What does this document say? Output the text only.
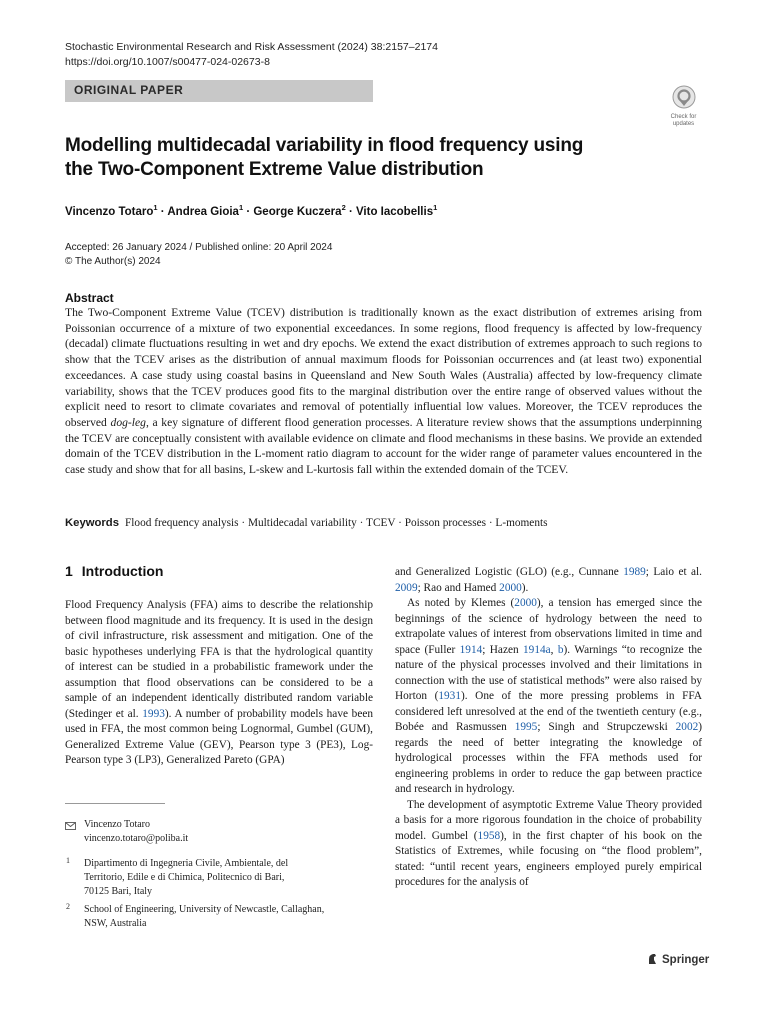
Stochastic Environmental Research and Risk Assessment (2024) 38:2157–2174
https://doi.org/10.1007/s00477-024-02673-8
ORIGINAL PAPER
Check for
updates
Modelling multidecadal variability in flood frequency using
the Two-Component Extreme Value distribution
Vincenzo Totaro$^1$ · Andrea Gioia$^1$ · George Kuczera$^2$ · Vito Iacobellis$^1$
Accepted: 26 January 2024 / Published online: 20 April 2024
© The Author(s) 2024
Abstract
The Two-Component Extreme Value (TCEV) distribution is traditionally known as the exact distribution of extremes arising from Poissonian occurrence of a mixture of two exponential exceedances. In some regions, flood frequency is affected by low-frequency (decadal) climate fluctuations resulting in wet and dry epochs. We extend the exact distribution of extremes approach to such regions to show that the TCEV arises as the distribution of annual maximum floods for Poissonian occurrences and (at least two) exponential exceedances. A case study using coastal basins in Queensland and New South Wales (Australia) affected by low-frequency climate variability, shows that the TCEV produces good fits to the marginal distribution over the entire range of observed values without the explicit need to resort to climate covariates and removal of potentially influential low values. Moreover, the TCEV reproduces the observed dog-leg, a key signature of different flood generation processes. A literature review shows that the assumptions underpinning the TCEV are conceptually consistent with available evidence on climate and flood mechanisms in these basins. We provide an extended domain of the TCEV distribution in the L-moment ratio diagram to account for the wider range of parameter values encountered in the case study and show that for all basins, L-skew and L-kurtosis fall within the extended domain of the TCEV.
Keywords Flood frequency analysis · Multidecadal variability · TCEV · Poisson processes · L-moments
1 Introduction

Flood Frequency Analysis (FFA) aims to describe the relationship between flood magnitude and its frequency. It is used in the design of civil infrastructure, risk assessment and mitigation. One of the basic hypotheses underlying FFA is that the hydrological quantity of interest can be studied in a probabilistic framework under the assumption that flood observations can be considered to be a sample of an independent identically distributed random variable (Stedinger et al. 1993). A number of probability models have been used in FFA, the most common being Lognormal, Gumbel (GUM), Generalized Extreme Value (GEV), Pearson type 3 (PE3), Log-Pearson type 3 (LP3), Generalized Pareto (GPA)

and Generalized Logistic (GLO) (e.g., Cunnane 1989; Laio et al. 2009; Rao and Hamed 2000).

As noted by Klemes (2000), a tension has emerged since the beginnings of the science of hydrology between the need to extrapolate values of interest from observations limited in time and space (Fuller 1914; Hazen 1914a, b). Warnings “to recognize the nature of the physical processes involved and their limitations in connection with the use of statistical methods” were also raised by Horton (1931). One of the more pressing problems in FFA considered left unresolved at the end of the twentieth century (e.g., Bobée and Rasmussen 1995; Singh and Strupczewski 2002) regards the need of better integrating the knowledge of hydrological processes within the FFA methods used for engineering problems in order to reduce the gap between practice and research in hydrology.

The development of asymptotic Extreme Value Theory provided a basis for a more rigorous foundation in the choice of probability model. Gumbel (1958), in the first chapter of his book on the Statistics of Extremes, while focusing on “the flood problem”, stated: “until recent years, engineers employed purely empirical procedures for the analysis of

Vincenzo Totaro
vincenzo.totaro@poliba.it
1 Dipartimento di Ingegneria Civile, Ambientale, del
Territorio, Edile e di Chimica, Politecnico di Bari,
70125 Bari, Italy
2 School of Engineering, University of Newcastle, Callaghan,
NSW, Australia
Springer
